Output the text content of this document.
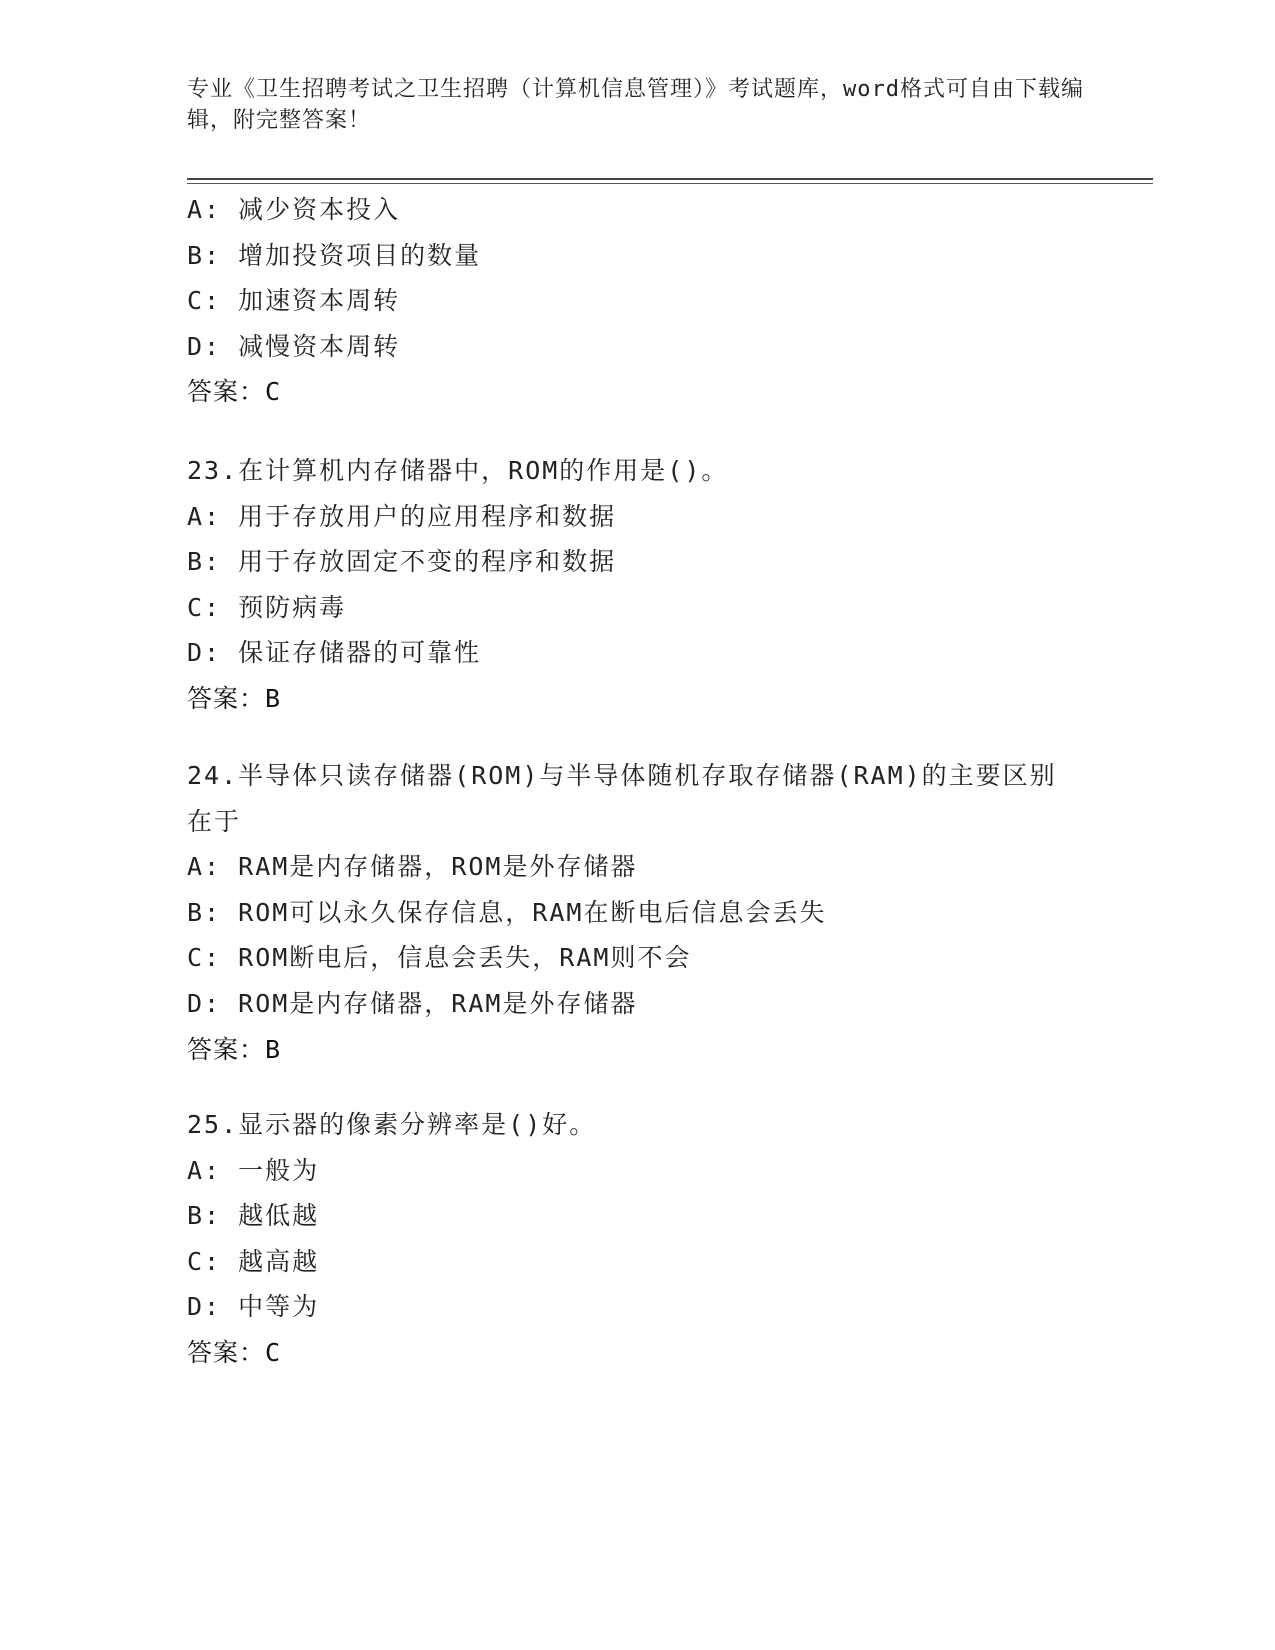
专业《卫生招聘考试之卫生招聘（计算机信息管理）》考试题库，word格式可自由下载编辑，附完整答案！
A: 减少资本投入
B: 增加投资项目的数量
C: 加速资本周转
D: 减慢资本周转
答案：C
23.在计算机内存储器中，ROM的作用是()。
A: 用于存放用户的应用程序和数据
B: 用于存放固定不变的程序和数据
C: 预防病毒
D: 保证存储器的可靠性
答案：B
24.半导体只读存储器(ROM)与半导体随机存取存储器(RAM)的主要区别在于
A: RAM是内存储器，ROM是外存储器
B: ROM可以永久保存信息，RAM在断电后信息会丢失
C: ROM断电后，信息会丢失，RAM则不会
D: ROM是内存储器，RAM是外存储器
答案：B
25.显示器的像素分辨率是()好。
A: 一般为
B: 越低越
C: 越高越
D: 中等为
答案：C
